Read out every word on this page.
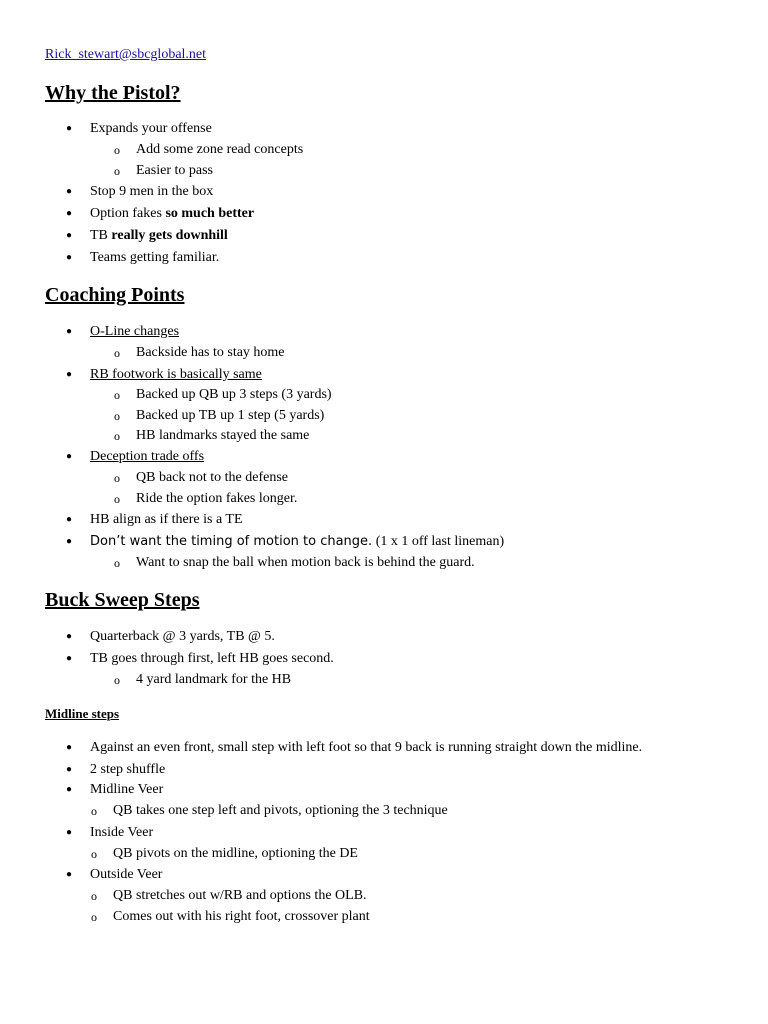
Rick_stewart@sbcglobal.net
Why the Pistol?
● Expands your offense
o Add some zone read concepts
o Easier to pass
● Stop 9 men in the box
● Option fakes so much better
● TB really gets downhill
● Teams getting familiar.
Coaching Points
● O-Line changes
o Backside has to stay home
● RB footwork is basically same
o Backed up QB up 3 steps (3 yards)
o Backed up TB up 1 step (5 yards)
o HB landmarks stayed the same
● Deception trade offs
o QB back not to the defense
o Ride the option fakes longer.
● HB align as if there is a TE
● Don’t want the timing of motion to change. (1 x 1 off last lineman)
o Want to snap the ball when motion back is behind the guard.
Buck Sweep Steps
● Quarterback @ 3 yards, TB @ 5.
● TB goes through first, left HB goes second.
o 4 yard landmark for the HB
Midline steps
● Against an even front, small step with left foot so that 9 back is running straight down the midline.
● 2 step shuffle
● Midline Veer
o QB takes one step left and pivots, optioning the 3 technique
● Inside Veer
o QB pivots on the midline, optioning the DE
● Outside Veer
o QB stretches out w/RB and options the OLB.
o Comes out with his right foot, crossover plant
